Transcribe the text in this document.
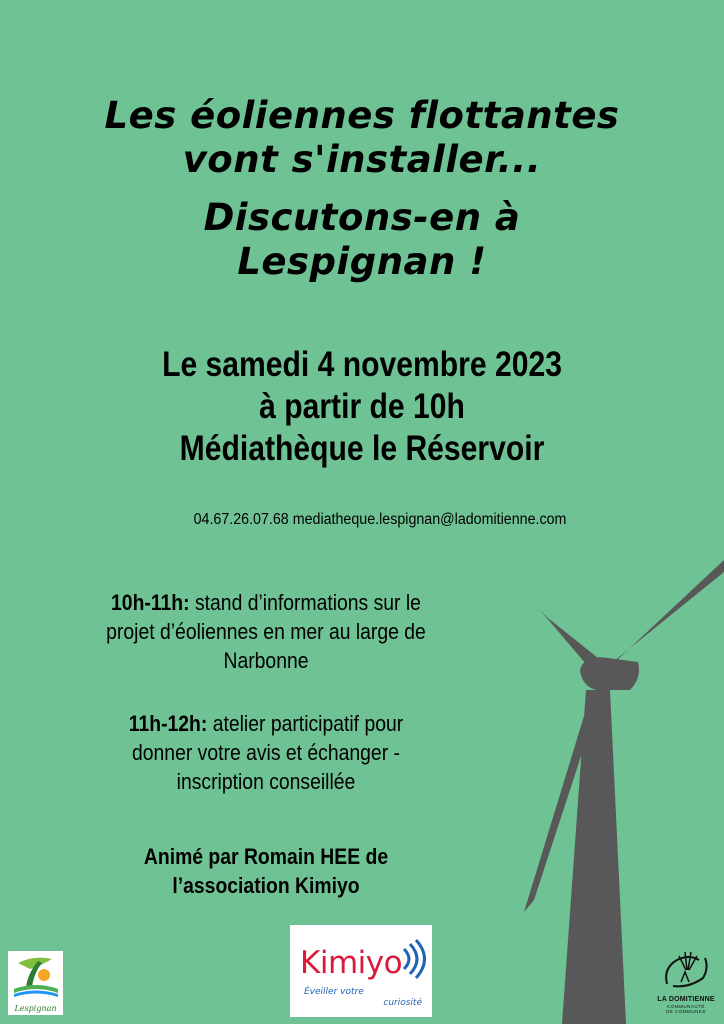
Les éoliennes flottantes
vont s'installer...
Discutons-en à
Lespignan !
Le samedi 4 novembre 2023
à partir de 10h
Médiathèque le Réservoir
04.67.26.07.68 mediatheque.lespignan@ladomitienne.com
10h-11h: stand d’informations sur le
projet d’éoliennes en mer au large de
Narbonne
11h-12h: atelier participatif pour
donner votre avis et échanger -
inscription conseillée
Animé par Romain HEE de
l’association Kimiyo
Lespignan
Kimiyo
Éveiller votre
curiosité	LA DOMITIENNE
COMMUNAUTÉ
DE COMMUNES
